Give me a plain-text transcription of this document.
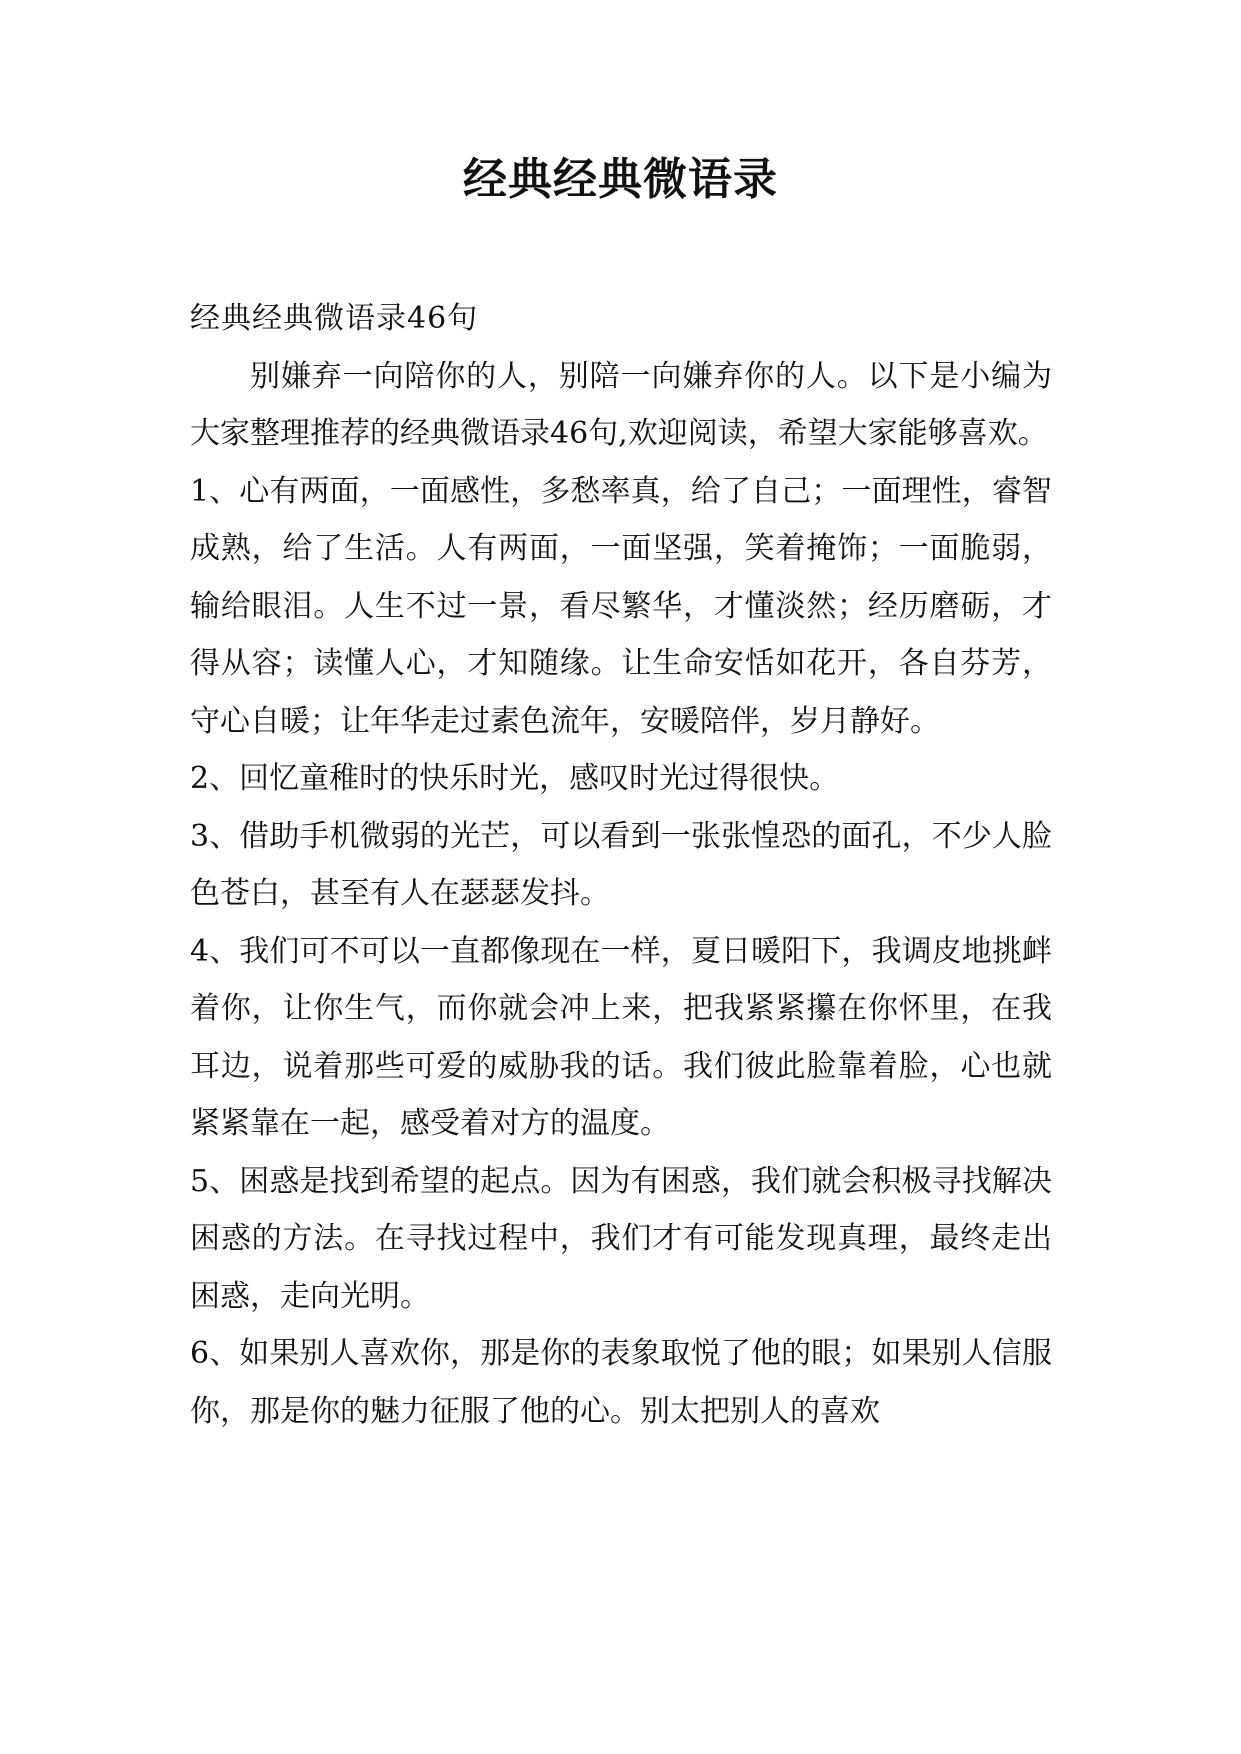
经典经典微语录

经典经典微语录46句

别嫌弃一向陪你的人，别陪一向嫌弃你的人。以下是小编为大家整理推荐的经典微语录46句,欢迎阅读，希望大家能够喜欢。

1、心有两面，一面感性，多愁率真，给了自己；一面理性，睿智成熟，给了生活。人有两面，一面坚强，笑着掩饰；一面脆弱，输给眼泪。人生不过一景，看尽繁华，才懂淡然；经历磨砺，才得从容；读懂人心，才知随缘。让生命安恬如花开，各自芬芳，守心自暖；让年华走过素色流年，安暖陪伴，岁月静好。

2、回忆童稚时的快乐时光，感叹时光过得很快。

3、借助手机微弱的光芒，可以看到一张张惶恐的面孔，不少人脸色苍白，甚至有人在瑟瑟发抖。

4、我们可不可以一直都像现在一样，夏日暖阳下，我调皮地挑衅着你，让你生气，而你就会冲上来，把我紧紧攥在你怀里，在我耳边，说着那些可爱的威胁我的话。我们彼此脸靠着脸，心也就紧紧靠在一起，感受着对方的温度。

5、困惑是找到希望的起点。因为有困惑，我们就会积极寻找解决困惑的方法。在寻找过程中，我们才有可能发现真理，最终走出困惑，走向光明。

6、如果别人喜欢你，那是你的表象取悦了他的眼；如果别人信服你，那是你的魅力征服了他的心。别太把别人的喜欢
